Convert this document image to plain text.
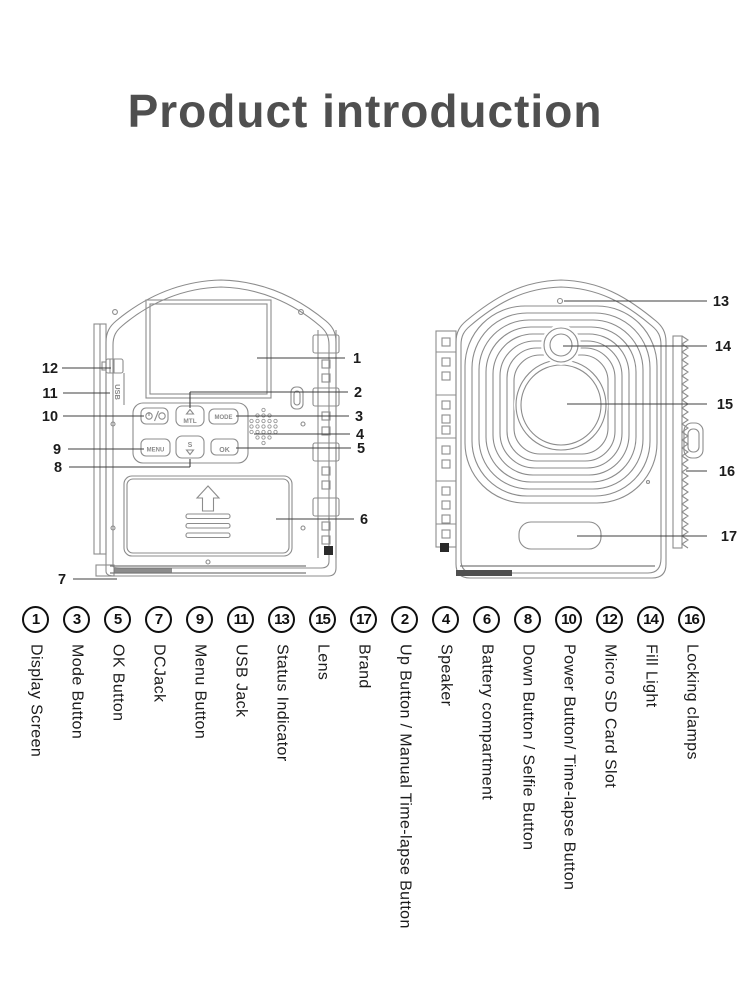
Product introduction
USB
MTL	MODE
MENU
S
OK
12
11
10
9
8
7
1
2
3
4
5
6
13
14
15
16
17
1
Display Screen
3
Mode Button
5
OK Button
7
DCJack
9
Menu Button
11
USB Jack
13
Status Indicator
15
Lens
17
Brand
2
Up Button / Manual Time-lapse Button
4
Speaker
6
Battery compartment
8
Down Button / Selfie Button
10
Power Button/ Time-lapse Button
12
Micro SD Card Slot
14
Fill Light
16
Locking clamps
